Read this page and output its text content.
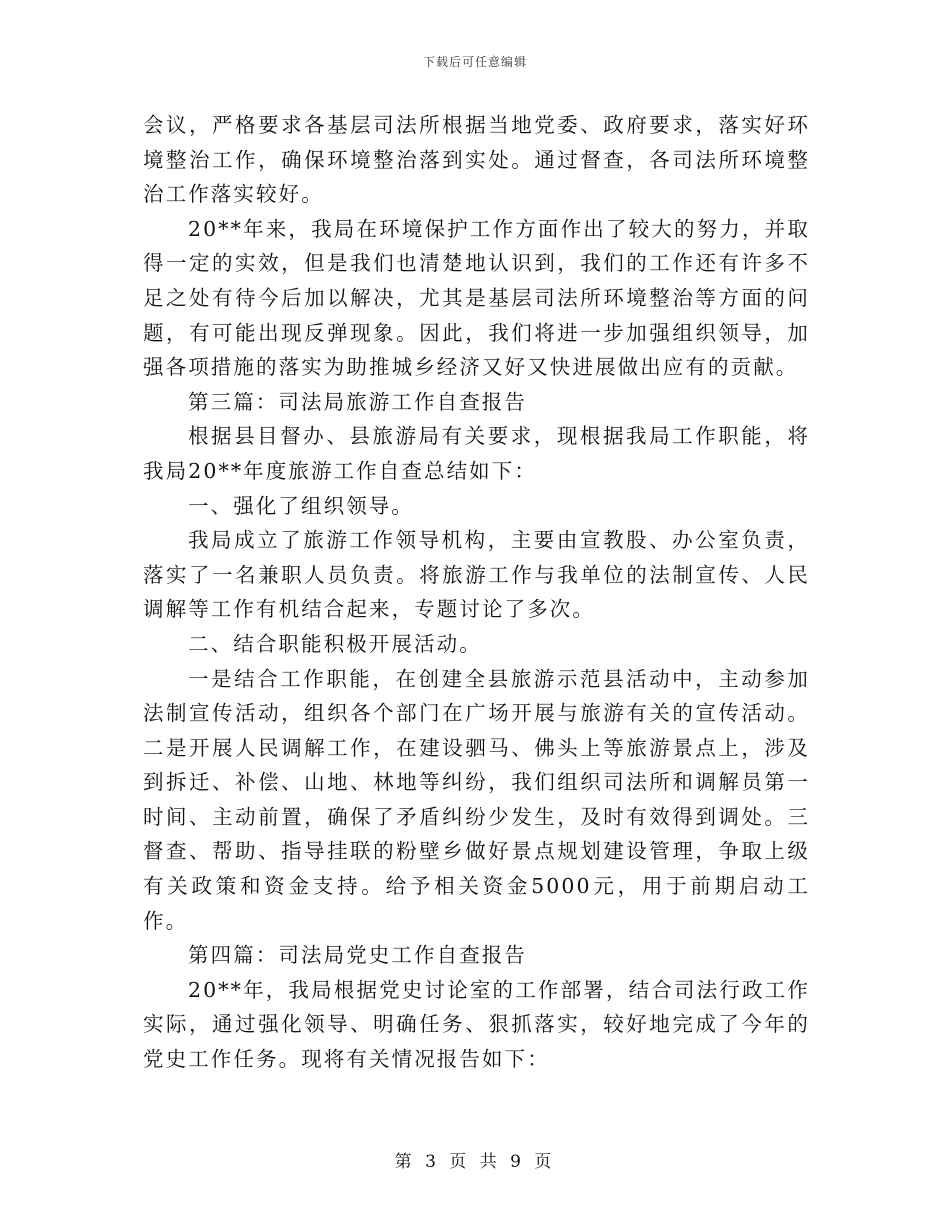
下载后可任意编辑

会议，严格要求各基层司法所根据当地党委、政府要求，落实好环境整治工作，确保环境整治落到实处。通过督查，各司法所环境整治工作落实较好。

20**年来，我局在环境保护工作方面作出了较大的努力，并取得一定的实效，但是我们也清楚地认识到，我们的工作还有许多不足之处有待今后加以解决，尤其是基层司法所环境整治等方面的问题，有可能出现反弹现象。因此，我们将进一步加强组织领导，加强各项措施的落实为助推城乡经济又好又快进展做出应有的贡献。

第三篇：司法局旅游工作自查报告

根据县目督办、县旅游局有关要求，现根据我局工作职能，将我局20**年度旅游工作自查总结如下：

一、强化了组织领导。

我局成立了旅游工作领导机构，主要由宣教股、办公室负责，落实了一名兼职人员负责。将旅游工作与我单位的法制宣传、人民调解等工作有机结合起来，专题讨论了多次。

二、结合职能积极开展活动。

一是结合工作职能，在创建全县旅游示范县活动中，主动参加法制宣传活动，组织各个部门在广场开展与旅游有关的宣传活动。二是开展人民调解工作，在建设驷马、佛头上等旅游景点上，涉及到拆迁、补偿、山地、林地等纠纷，我们组织司法所和调解员第一时间、主动前置，确保了矛盾纠纷少发生，及时有效得到调处。三督查、帮助、指导挂联的粉壁乡做好景点规划建设管理，争取上级有关政策和资金支持。给予相关资金5000元，用于前期启动工作。

第四篇：司法局党史工作自查报告

20**年，我局根据党史讨论室的工作部署，结合司法行政工作实际，通过强化领导、明确任务、狠抓落实，较好地完成了今年的党史工作任务。现将有关情况报告如下：

第 3 页 共 9 页
